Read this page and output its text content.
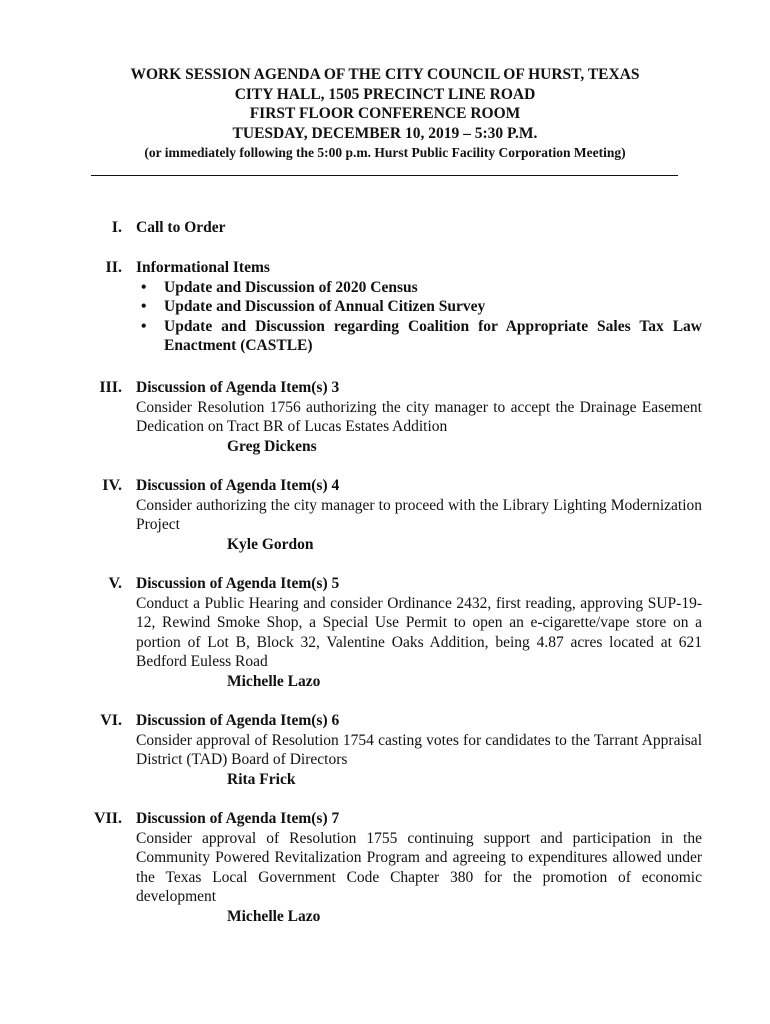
WORK SESSION AGENDA OF THE CITY COUNCIL OF HURST, TEXAS
CITY HALL, 1505 PRECINCT LINE ROAD
FIRST FLOOR CONFERENCE ROOM
TUESDAY, DECEMBER 10, 2019 – 5:30 P.M.
(or immediately following the 5:00 p.m. Hurst Public Facility Corporation Meeting)
I. Call to Order
II. Informational Items
• Update and Discussion of 2020 Census
• Update and Discussion of Annual Citizen Survey
• Update and Discussion regarding Coalition for Appropriate Sales Tax Law Enactment (CASTLE)
III. Discussion of Agenda Item(s) 3
Consider Resolution 1756 authorizing the city manager to accept the Drainage Easement Dedication on Tract BR of Lucas Estates Addition
Greg Dickens
IV. Discussion of Agenda Item(s) 4
Consider authorizing the city manager to proceed with the Library Lighting Modernization Project
Kyle Gordon
V. Discussion of Agenda Item(s) 5
Conduct a Public Hearing and consider Ordinance 2432, first reading, approving SUP-19-12, Rewind Smoke Shop, a Special Use Permit to open an e-cigarette/vape store on a portion of Lot B, Block 32, Valentine Oaks Addition, being 4.87 acres located at 621 Bedford Euless Road
Michelle Lazo
VI. Discussion of Agenda Item(s) 6
Consider approval of Resolution 1754 casting votes for candidates to the Tarrant Appraisal District (TAD) Board of Directors
Rita Frick
VII. Discussion of Agenda Item(s) 7
Consider approval of Resolution 1755 continuing support and participation in the Community Powered Revitalization Program and agreeing to expenditures allowed under the Texas Local Government Code Chapter 380 for the promotion of economic development
Michelle Lazo
